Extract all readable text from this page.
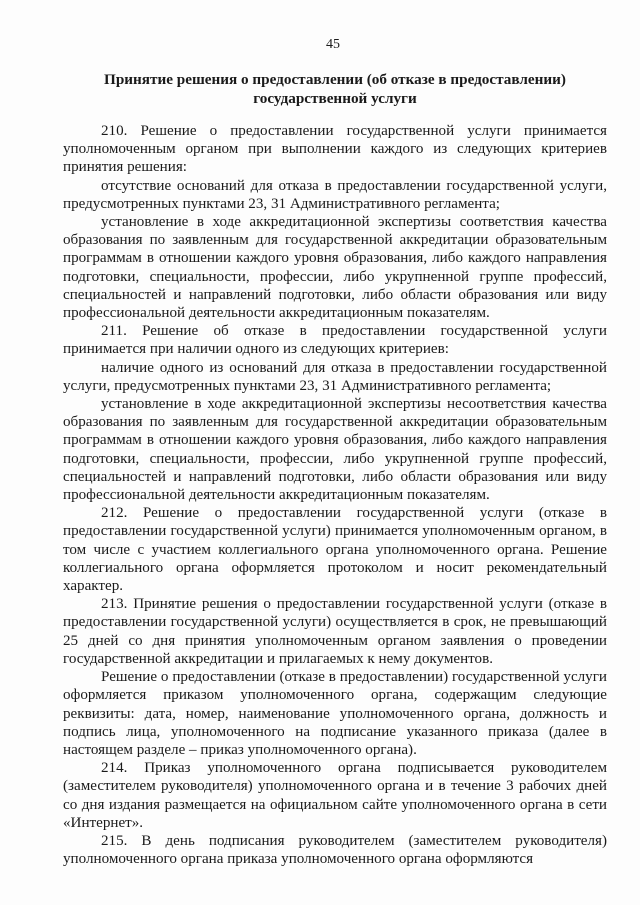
45
Принятие решения о предоставлении (об отказе в предоставлении) государственной услуги

210. Решение о предоставлении государственной услуги принимается уполномоченным органом при выполнении каждого из следующих критериев принятия решения:

отсутствие оснований для отказа в предоставлении государственной услуги, предусмотренных пунктами 23, 31 Административного регламента;

установление в ходе аккредитационной экспертизы соответствия качества образования по заявленным для государственной аккредитации образовательным программам в отношении каждого уровня образования, либо каждого направления подготовки, специальности, профессии, либо укрупненной группе профессий, специальностей и направлений подготовки, либо области образования или виду профессиональной деятельности аккредитационным показателям.

211. Решение об отказе в предоставлении государственной услуги принимается при наличии одного из следующих критериев:

наличие одного из оснований для отказа в предоставлении государственной услуги, предусмотренных пунктами 23, 31 Административного регламента;

установление в ходе аккредитационной экспертизы несоответствия качества образования по заявленным для государственной аккредитации образовательным программам в отношении каждого уровня образования, либо каждого направления подготовки, специальности, профессии, либо укрупненной группе профессий, специальностей и направлений подготовки, либо области образования или виду профессиональной деятельности аккредитационным показателям.

212. Решение о предоставлении государственной услуги (отказе в предоставлении государственной услуги) принимается уполномоченным органом, в том числе с участием коллегиального органа уполномоченного органа. Решение коллегиального органа оформляется протоколом и носит рекомендательный характер.

213. Принятие решения о предоставлении государственной услуги (отказе в предоставлении государственной услуги) осуществляется в срок, не превышающий 25 дней со дня принятия уполномоченным органом заявления о проведении государственной аккредитации и прилагаемых к нему документов.

Решение о предоставлении (отказе в предоставлении) государственной услуги оформляется приказом уполномоченного органа, содержащим следующие реквизиты: дата, номер, наименование уполномоченного органа, должность и подпись лица, уполномоченного на подписание указанного приказа (далее в настоящем разделе – приказ уполномоченного органа).

214. Приказ уполномоченного органа подписывается руководителем (заместителем руководителя) уполномоченного органа и в течение 3 рабочих дней со дня издания размещается на официальном сайте уполномоченного органа в сети «Интернет».

215. В день подписания руководителем (заместителем руководителя) уполномоченного органа приказа уполномоченного органа оформляются
